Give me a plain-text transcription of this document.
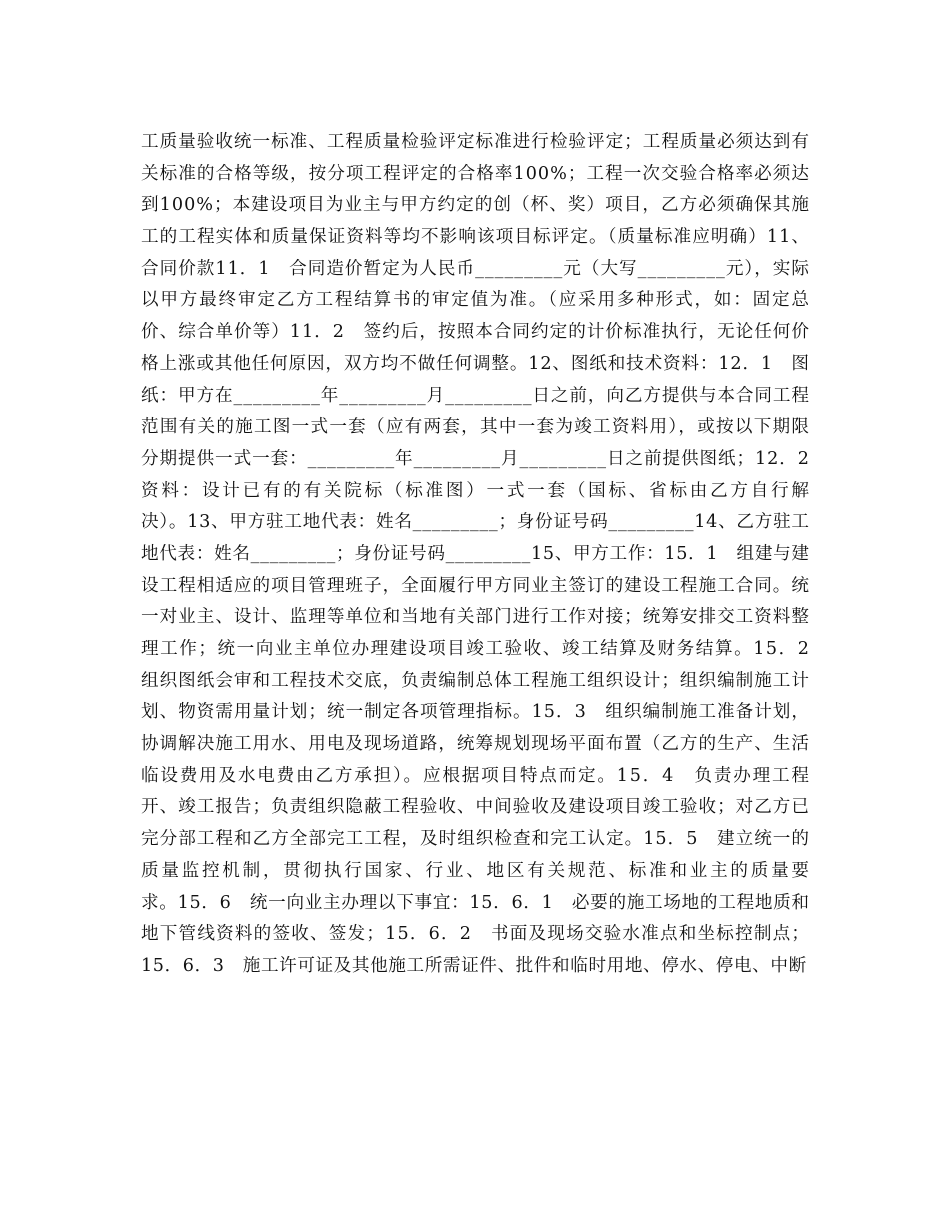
工质量验收统一标准、工程质量检验评定标准进行检验评定；工程质量必须达到有
关标准的合格等级，按分项工程评定的合格率100%；工程一次交验合格率必须达
到100%；本建设项目为业主与甲方约定的创（杯、奖）项目，乙方必须确保其施
工的工程实体和质量保证资料等均不影响该项目标评定。（质量标准应明确）11、
合同价款11．1　合同造价暂定为人民币_________元（大写_________元），实际
以甲方最终审定乙方工程结算书的审定值为准。（应采用多种形式，如：固定总
价、综合单价等）11．2　签约后，按照本合同约定的计价标准执行，无论任何价
格上涨或其他任何原因，双方均不做任何调整。12、图纸和技术资料：12．1　图
纸：甲方在_________年_________月_________日之前，向乙方提供与本合同工程
范围有关的施工图一式一套（应有两套，其中一套为竣工资料用），或按以下期限
分期提供一式一套：_________年_________月_________日之前提供图纸；12．2
资料：设计已有的有关院标（标准图）一式一套（国标、省标由乙方自行解
决）。13、甲方驻工地代表：姓名_________；身份证号码_________14、乙方驻工
地代表：姓名_________；身份证号码_________15、甲方工作：15．1　组建与建
设工程相适应的项目管理班子，全面履行甲方同业主签订的建设工程施工合同。统
一对业主、设计、监理等单位和当地有关部门进行工作对接；统筹安排交工资料整
理工作；统一向业主单位办理建设项目竣工验收、竣工结算及财务结算。15．2
组织图纸会审和工程技术交底，负责编制总体工程施工组织设计；组织编制施工计
划、物资需用量计划；统一制定各项管理指标。15．3　组织编制施工准备计划，
协调解决施工用水、用电及现场道路，统筹规划现场平面布置（乙方的生产、生活
临设费用及水电费由乙方承担）。应根据项目特点而定。15．4　负责办理工程
开、竣工报告；负责组织隐蔽工程验收、中间验收及建设项目竣工验收；对乙方已
完分部工程和乙方全部完工工程，及时组织检查和完工认定。15．5　建立统一的
质量监控机制，贯彻执行国家、行业、地区有关规范、标准和业主的质量要
求。15．6　统一向业主办理以下事宜：15．6．1　必要的施工场地的工程地质和
地下管线资料的签收、签发；15．6．2　书面及现场交验水准点和坐标控制点；
15．6．3　施工许可证及其他施工所需证件、批件和临时用地、停水、停电、中断
